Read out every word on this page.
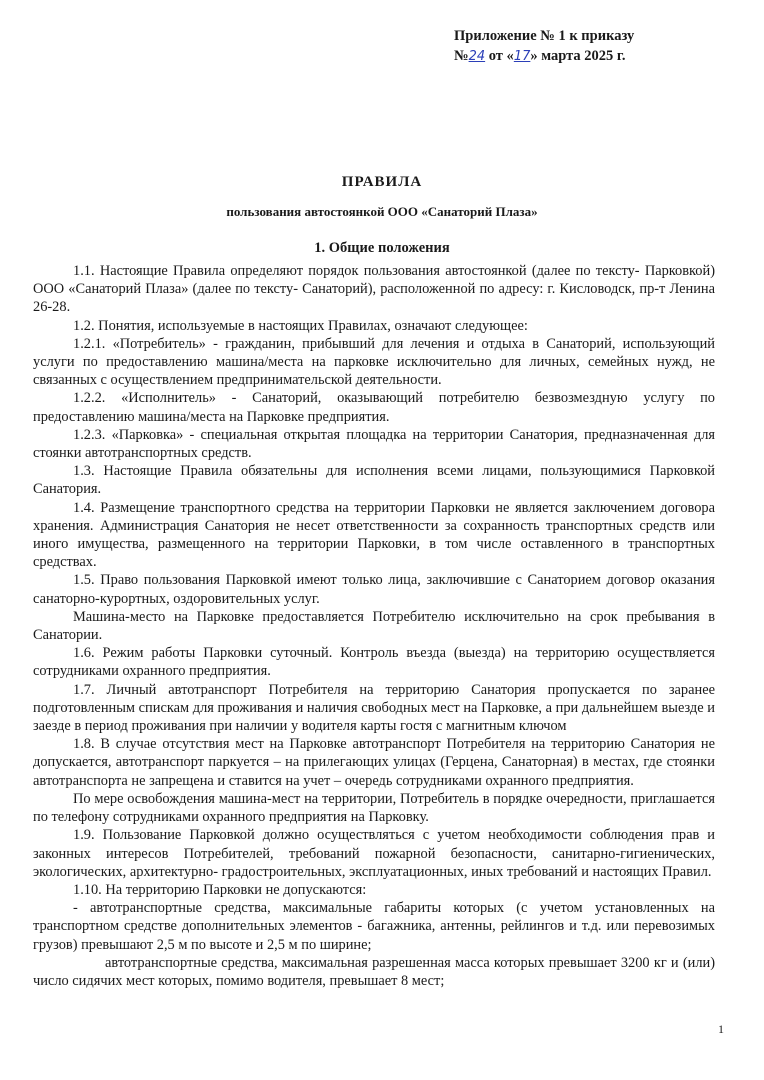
Приложение № 1 к приказу
№24 от «17» марта 2025 г.
ПРАВИЛА
пользования автостоянкой ООО «Санаторий Плаза»
1. Общие положения

1.1. Настоящие Правила определяют порядок пользования автостоянкой (далее по тексту- Парковкой) ООО «Санаторий Плаза» (далее по тексту- Санаторий), расположенной по адресу: г. Кисловодск, пр-т Ленина 26-28.

1.2. Понятия, используемые в настоящих Правилах, означают следующее:

1.2.1. «Потребитель» - гражданин, прибывший для лечения и отдыха в Санаторий, использующий услуги по предоставлению машина/места на парковке исключительно для личных, семейных нужд, не связанных с осуществлением предпринимательской деятельности.

1.2.2. «Исполнитель» - Санаторий, оказывающий потребителю безвозмездную услугу по предоставлению машина/места на Парковке предприятия.

1.2.3. «Парковка» - специальная открытая площадка на территории Санатория, предназначенная для стоянки автотранспортных средств.

1.3. Настоящие Правила обязательны для исполнения всеми лицами, пользующимися Парковкой Санатория.

1.4. Размещение транспортного средства на территории Парковки не является заключением договора хранения. Администрация Санатория не несет ответственности за сохранность транспортных средств или иного имущества, размещенного на территории Парковки, в том числе оставленного в транспортных средствах.

1.5. Право пользования Парковкой имеют только лица, заключившие с Санаторием договор оказания санаторно-курортных, оздоровительных услуг.

Машина-место на Парковке предоставляется Потребителю исключительно на срок пребывания в Санатории.

1.6. Режим работы Парковки суточный. Контроль въезда (выезда) на территорию осуществляется сотрудниками охранного предприятия.

1.7. Личный автотранспорт Потребителя на территорию Санатория пропускается по заранее подготовленным спискам для проживания и наличия свободных мест на Парковке, а при дальнейшем выезде и заезде в период проживания при наличии у водителя карты гостя с магнитным ключом

1.8. В случае отсутствия мест на Парковке автотранспорт Потребителя на территорию Санатория не допускается, автотранспорт паркуется – на прилегающих улицах (Герцена, Санаторная) в местах, где стоянки автотранспорта не запрещена и ставится на учет – очередь сотрудниками охранного предприятия.

По мере освобождения машина-мест на территории, Потребитель в порядке очередности, приглашается по телефону сотрудниками охранного предприятия на Парковку.

1.9. Пользование Парковкой должно осуществляться с учетом необходимости соблюдения прав и законных интересов Потребителей, требований пожарной безопасности, санитарно-гигиенических, экологических, архитектурно- градостроительных, эксплуатационных, иных требований и настоящих Правил.

1.10. На территорию Парковки не допускаются:

- автотранспортные средства, максимальные габариты которых (с учетом установленных на транспортном средстве дополнительных элементов - багажника, антенны, рейлингов и т.д. или перевозимых грузов) превышают 2,5 м по высоте и 2,5 м по ширине;

автотранспортные средства, максимальная разрешенная масса которых превышает 3200 кг и (или) число сидячих мест которых, помимо водителя, превышает 8 мест;

1
